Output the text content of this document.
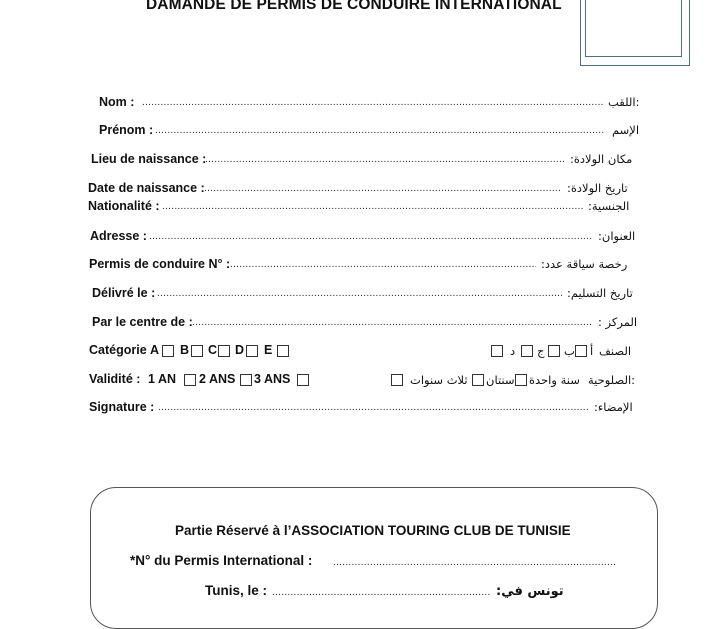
DAMANDE DE PERMIS DE CONDUIRE INTERNATIONAL
Nom : .....	:اللقب
Prénom : .....	الإسم
Lieu de naissance : .....	مكان الولادة:
Date de naissance : .....	تاريخ الولادة:
Nationalité : .....	الجنسية:
Adresse : .....	العنوان:
Permis de conduire N° : .....	رخصة سياقة عدد:
Délivré le : .....	تاريخ التسليم:
Par le centre de : .....	المركز :
Catégorie A B C D E	د ج ب أ الصنف
Validité : 1 AN 2 ANS 3 ANS	ثلاث سنوات سنتان سنة واحدة الصلوحية:
Signature : .....	الإمضاء:
Partie Réservé à l’ASSOCIATION TOURING CLUB DE TUNISIE
*N° du Permis International :
.....
Tunis, le : .....	تونس في:
